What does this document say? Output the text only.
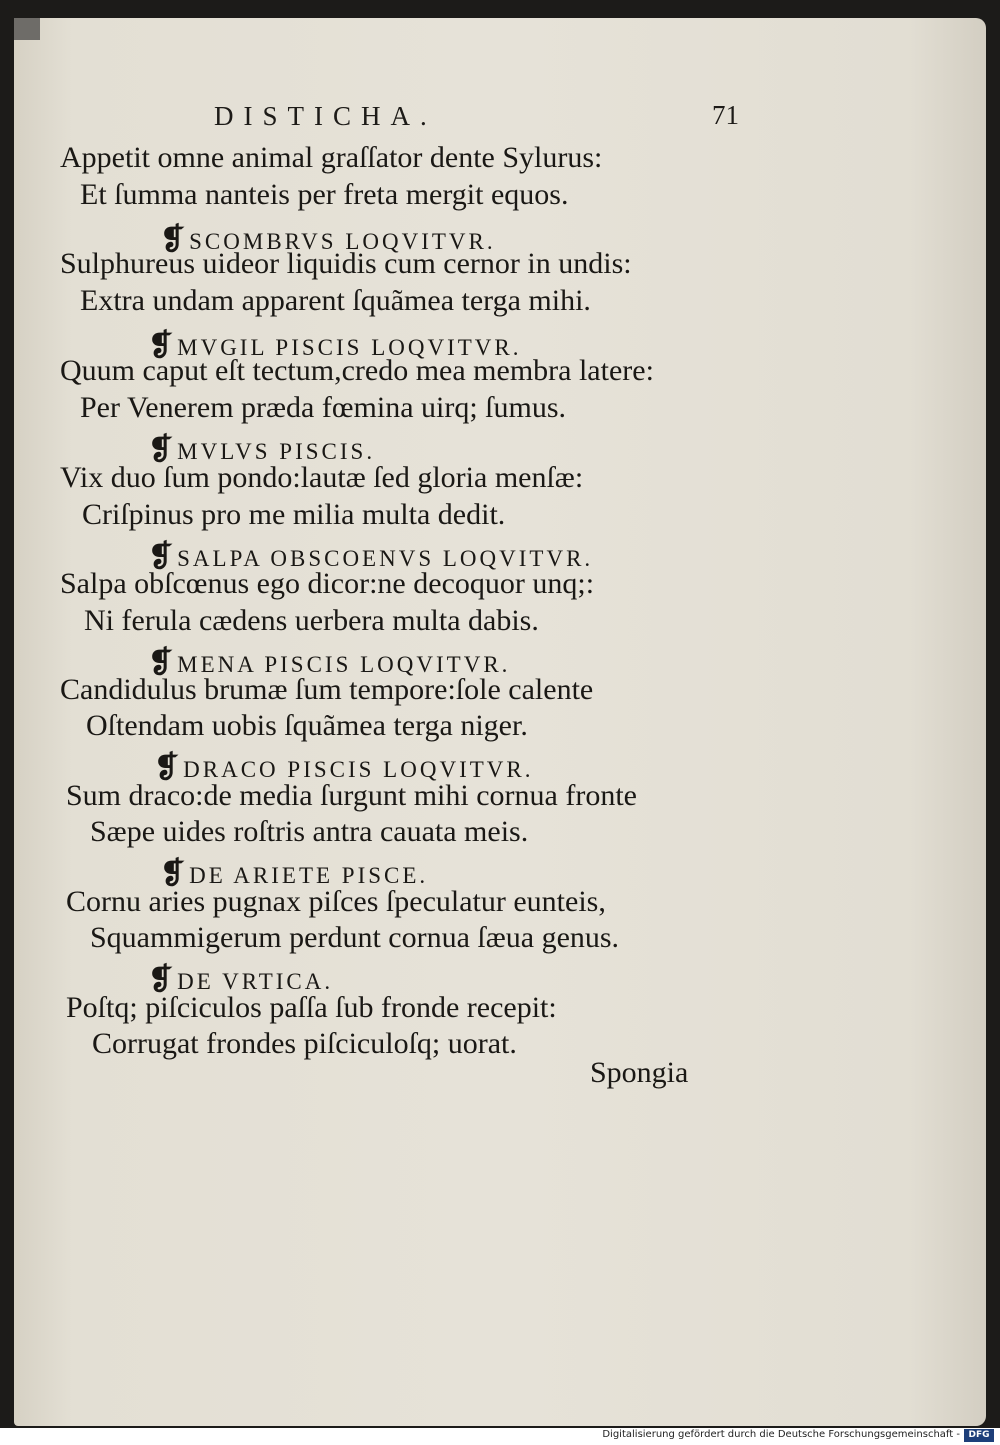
DISTICHA.	71
Appetit omne animal graſſator dente Sylurus:
Et ſumma nanteis per freta mergit equos.
❡ SCOMBRVS LOQVITVR.
Sulphureus uideor liquidis cum cernor in undis:
Extra undam apparent ſquãmea terga mihi.
❡ MVGIL PISCIS LOQVITVR.
Quum caput eſt tectum,credo mea membra latere:
Per Venerem præda fœmina uirq; ſumus.
❡ MVLVS PISCIS.
Vix duo ſum pondo:lautæ ſed gloria menſæ:
Criſpinus pro me milia multa dedit.
❡ SALPA OBSCOENVS LOQVITVR.
Salpa obſcœnus ego dicor:ne decoquor unq;:
Ni ferula cædens uerbera multa dabis.
❡ MENA PISCIS LOQVITVR.
Candidulus brumæ ſum tempore:ſole calente
Oſtendam uobis ſquãmea terga niger.
❡ DRACO PISCIS LOQVITVR.
Sum draco:de media ſurgunt mihi cornua fronte
Sæpe uides roſtris antra cauata meis.
❡ DE ARIETE PISCE.
Cornu aries pugnax piſces ſpeculatur eunteis,
Squammigerum perdunt cornua ſæua genus.
❡ DE VRTICA.
Poſtq; piſciculos paſſa ſub fronde recepit:
Corrugat frondes piſciculoſq; uorat.
Spongia
Digitalisierung gefördert durch die Deutsche Forschungsgemeinschaft - DFG
